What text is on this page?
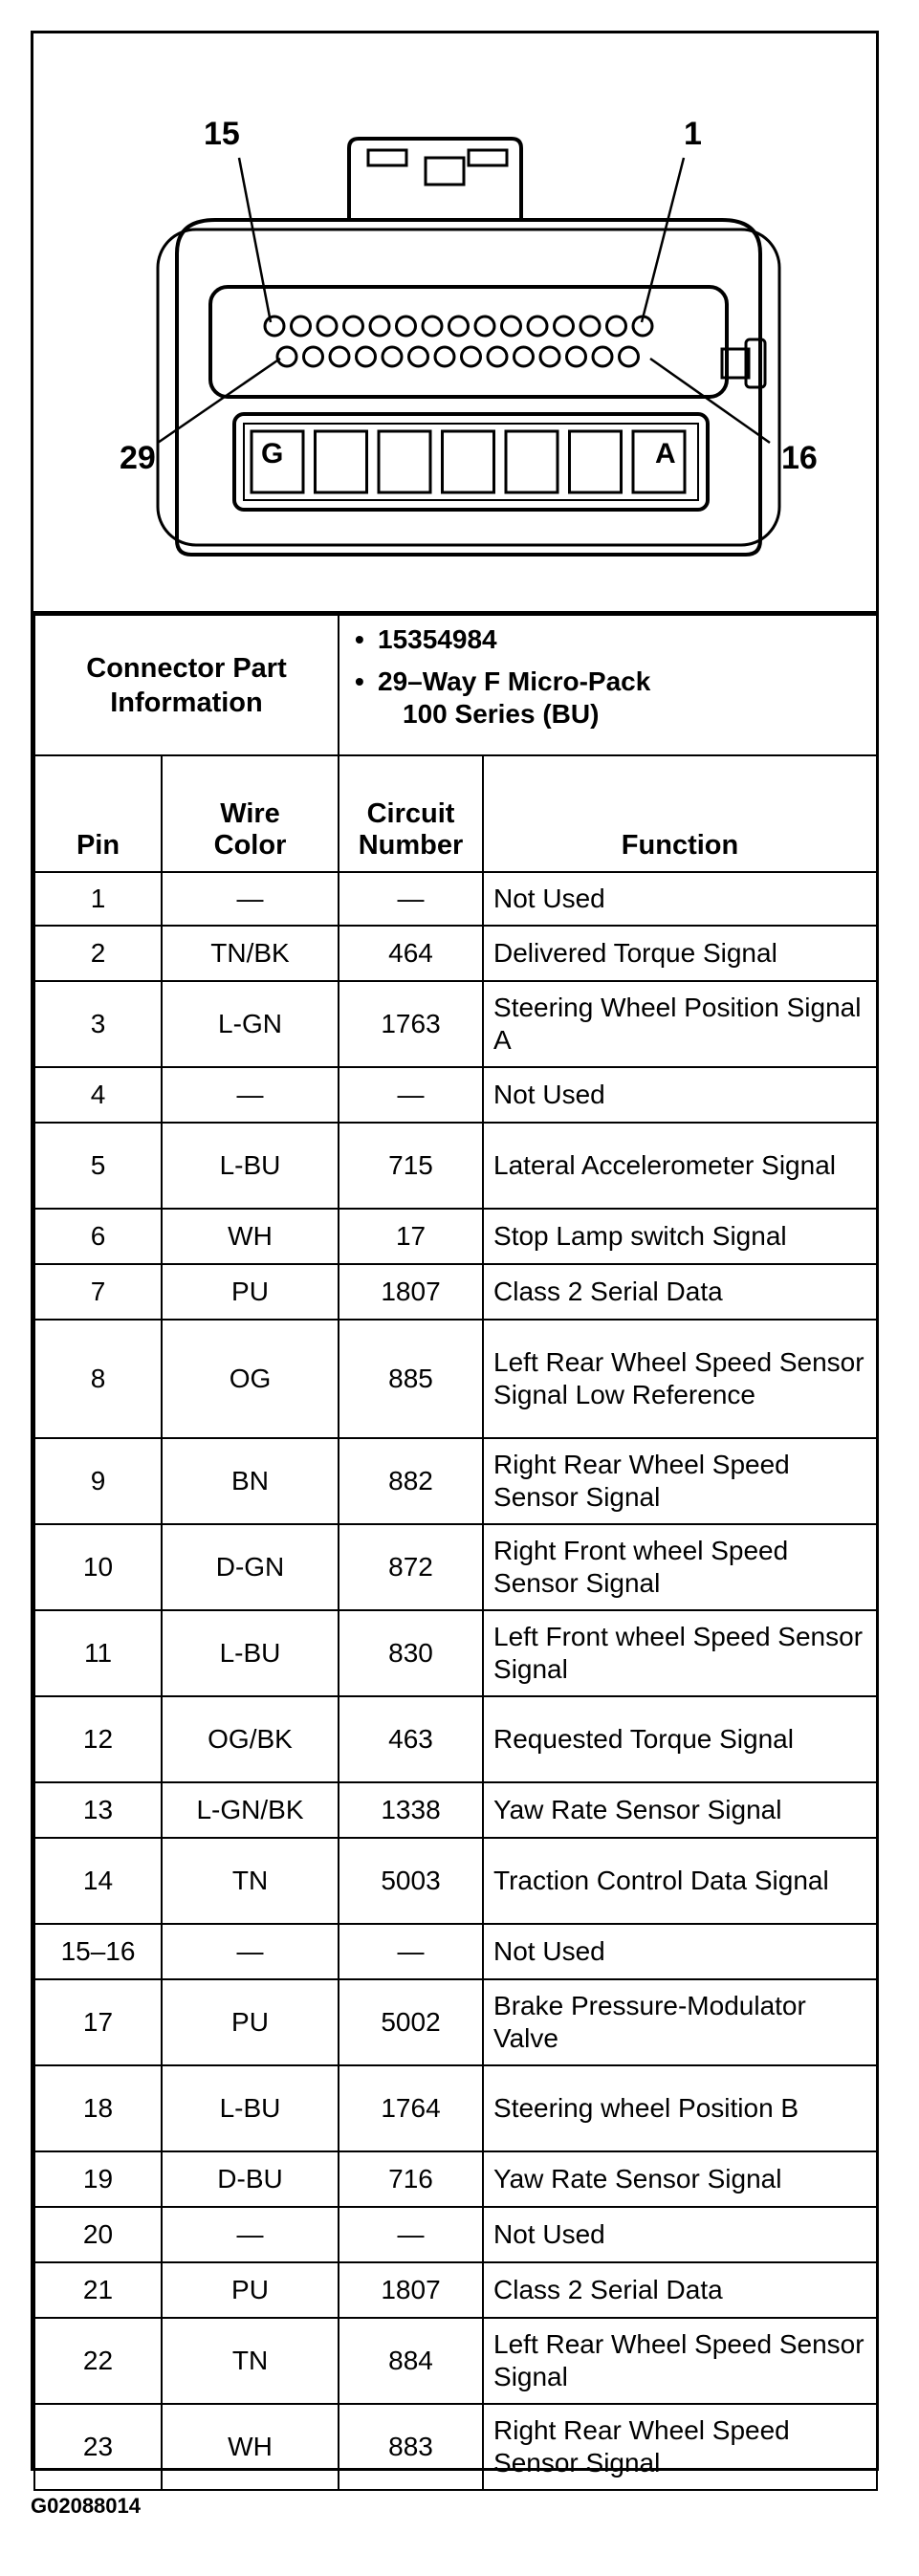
15	1
29	16
G	A
Connector Part Information		• 15354984
• 29–Way F Micro-Pack
100 Series (BU)	

Pin	Wire Color	Circuit Number	Function
1	—	—	Not Used
2	TN/BK	464	Delivered Torque Signal
3	L-GN	1763	Steering Wheel Position Signal A
4	—	—	Not Used
5	L-BU	715	Lateral Accelerometer Signal
6	WH	17	Stop Lamp switch Signal
7	PU	1807	Class 2 Serial Data
8	OG	885	Left Rear Wheel Speed Sensor Signal Low Reference
9	BN	882	Right Rear Wheel Speed Sensor Signal
10	D-GN	872	Right Front wheel Speed Sensor Signal
11	L-BU	830	Left Front wheel Speed Sensor Signal
12	OG/BK	463	Requested Torque Signal
13	L-GN/BK	1338	Yaw Rate Sensor Signal
14	TN	5003	Traction Control Data Signal
15–16	—	—	Not Used
17	PU	5002	Brake Pressure-Modulator Valve
18	L-BU	1764	Steering wheel Position B
19	D-BU	716	Yaw Rate Sensor Signal
20	—	—	Not Used
21	PU	1807	Class 2 Serial Data
22	TN	884	Left Rear Wheel Speed Sensor Signal
23	WH	883	Right Rear Wheel Speed Sensor Signal
G02088014
